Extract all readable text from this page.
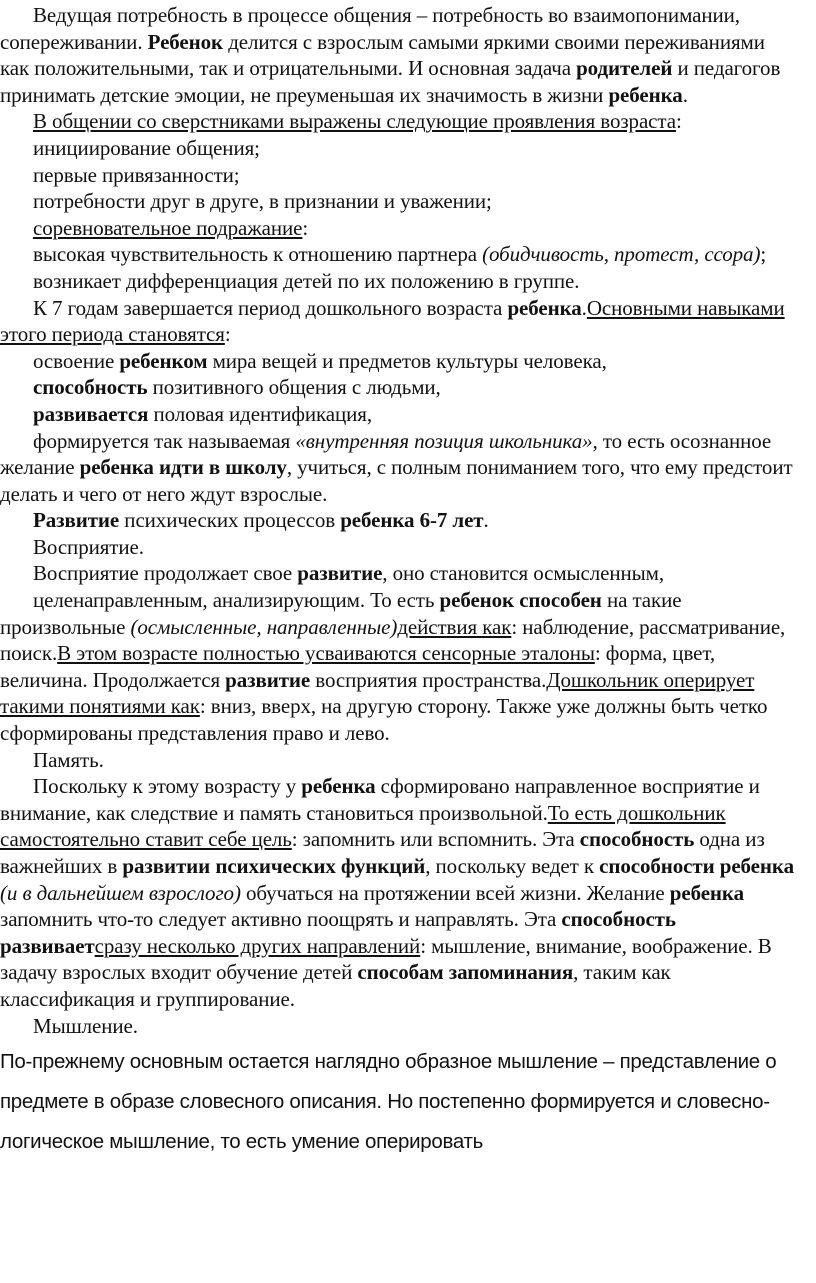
Ведущая потребность в процессе общения – потребность во взаимопонимании, сопереживании. Ребенок делится с взрослым самыми яркими своими переживаниями как положительными, так и отрицательными. И основная задача родителей и педагогов принимать детские эмоции, не преуменьшая их значимость в жизни ребенка.

В общении со сверстниками выражены следующие проявления возраста:

инициирование общения;

первые привязанности;

потребности друг в друге, в признании и уважении;

соревновательное подражание:

высокая чувствительность к отношению партнера (обидчивость, протест, ссора);

возникает дифференциация детей по их положению в группе.

К 7 годам завершается период дошкольного возраста ребенка.Основными навыками этого периода становятся:

освоение ребенком мира вещей и предметов культуры человека,

способность позитивного общения с людьми,

развивается половая идентификация,

формируется так называемая «внутренняя позиция школьника», то есть осознанное желание ребенка идти в школу, учиться, с полным пониманием того, что ему предстоит делать и чего от него ждут взрослые.

Развитие психических процессов ребенка 6-7 лет.

Восприятие.

Восприятие продолжает свое развитие, оно становится осмысленным,

целенаправленным, анализирующим. То есть ребенок способен на такие произвольные (осмысленные, направленные)действия как: наблюдение, рассматривание, поиск.В этом возрасте полностью усваиваются сенсорные эталоны: форма, цвет, величина. Продолжается развитие восприятия пространства.Дошкольник оперирует такими понятиями как: вниз, вверх, на другую сторону. Также уже должны быть четко сформированы представления право и лево.

Память.

Поскольку к этому возрасту у ребенка сформировано направленное восприятие и внимание, как следствие и память становиться произвольной.То есть дошкольник самостоятельно ставит себе цель: запомнить или вспомнить. Эта способность одна из важнейших в развитии психических функций, поскольку ведет к способности ребенка (и в дальнейшем взрослого) обучаться на протяжении всей жизни. Желание ребенка запомнить что-то следует активно поощрять и направлять. Эта способность развиваетсразу несколько других направлений: мышление, внимание, воображение. В задачу взрослых входит обучение детей способам запоминания, таким как классификация и группирование.

Мышление.

По-прежнему основным остается наглядно образное мышление – представление о предмете в образе словесного описания. Но постепенно формируется и словесно-логическое мышление, то есть умение оперировать
